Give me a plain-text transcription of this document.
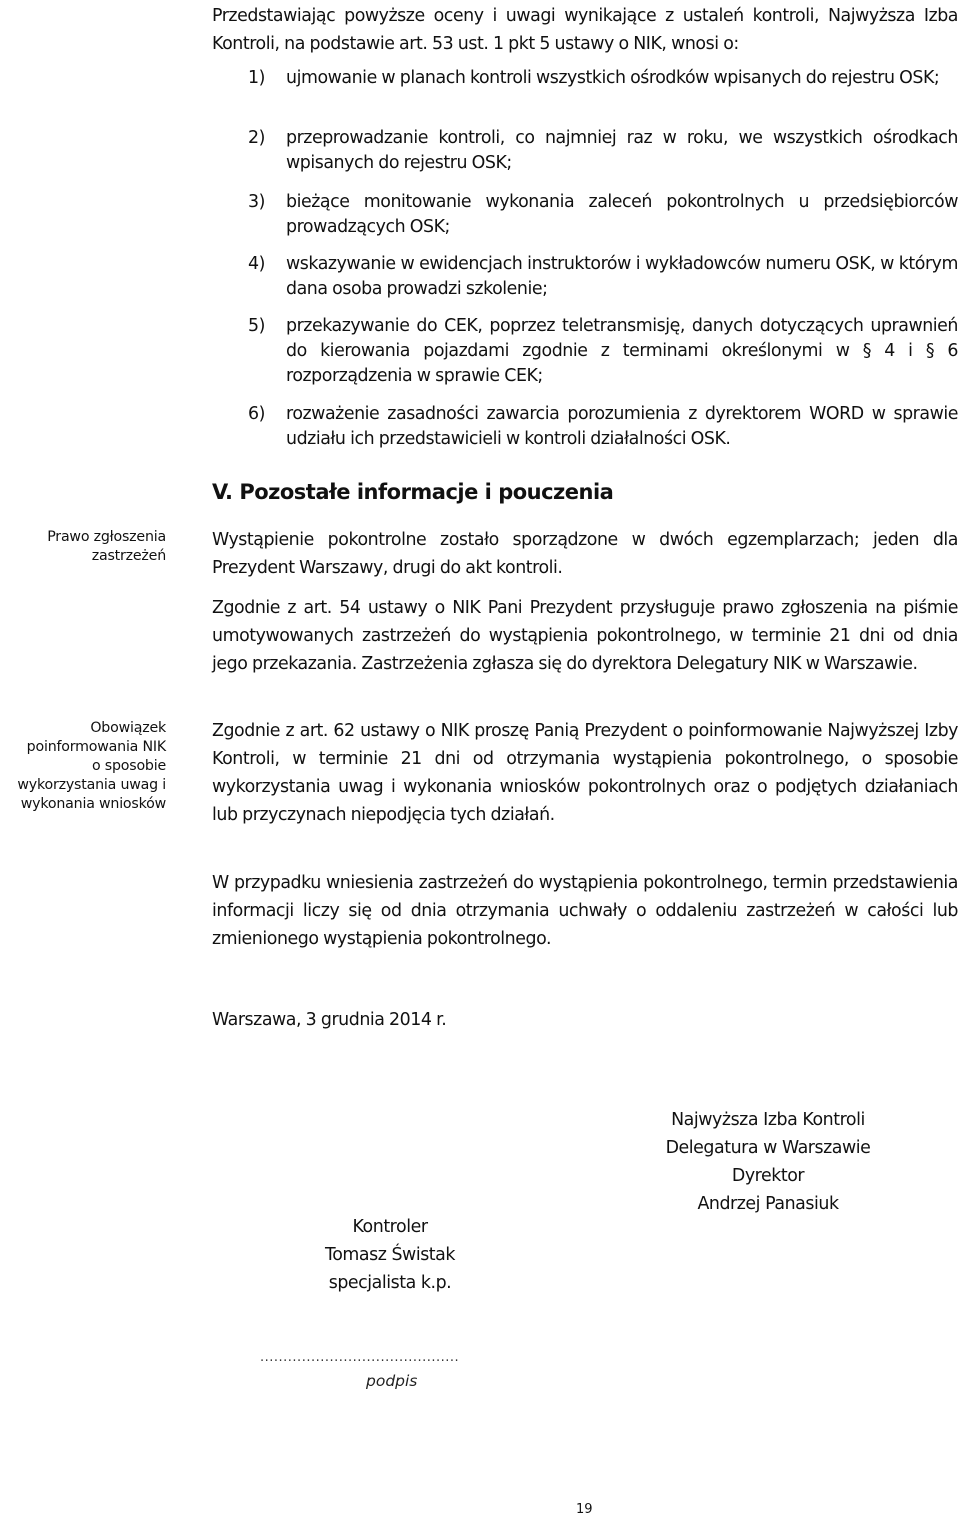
Przedstawiając powyższe oceny i uwagi wynikające z ustaleń kontroli, Najwyższa Izba Kontroli, na podstawie art. 53 ust. 1 pkt 5 ustawy o NIK, wnosi o:

1) ujmowanie w planach kontroli wszystkich ośrodków wpisanych do rejestru OSK;
2) przeprowadzanie kontroli, co najmniej raz w roku, we wszystkich ośrodkach wpisanych do rejestru OSK;
3) bieżące monitowanie wykonania zaleceń pokontrolnych u przedsiębiorców prowadzących OSK;
4) wskazywanie w ewidencjach instruktorów i wykładowców numeru OSK, w którym dana osoba prowadzi szkolenie;
5) przekazywanie do CEK, poprzez teletransmisję, danych dotyczących uprawnień do kierowania pojazdami zgodnie z terminami określonymi w § 4 i § 6 rozporządzenia w sprawie CEK;
6) rozważenie zasadności zawarcia porozumienia z dyrektorem WORD w sprawie udziału ich przedstawicieli w kontroli działalności OSK.
V. Pozostałe informacje i pouczenia
Prawo zgłoszenia zastrzeżeń
Obowiązek poinformowania NIK o sposobie wykorzystania uwag i wykonania wniosków

Wystąpienie pokontrolne zostało sporządzone w dwóch egzemplarzach; jeden dla Prezydent Warszawy, drugi do akt kontroli.

Zgodnie z art. 54 ustawy o NIK Pani Prezydent przysługuje prawo zgłoszenia na piśmie umotywowanych zastrzeżeń do wystąpienia pokontrolnego, w terminie 21 dni od dnia jego przekazania. Zastrzeżenia zgłasza się do dyrektora Delegatury NIK w Warszawie.

Zgodnie z art. 62 ustawy o NIK proszę Panią Prezydent o poinformowanie Najwyższej Izby Kontroli, w terminie 21 dni od otrzymania wystąpienia pokontrolnego, o sposobie wykorzystania uwag i wykonania wniosków pokontrolnych oraz o podjętych działaniach lub przyczynach niepodjęcia tych działań.

W przypadku wniesienia zastrzeżeń do wystąpienia pokontrolnego, termin przedstawienia informacji liczy się od dnia otrzymania uchwały o oddaleniu zastrzeżeń w całości lub zmienionego wystąpienia pokontrolnego.

Warszawa, 3 grudnia 2014 r.
Najwyższa Izba Kontroli
Delegatura w Warszawie
Dyrektor
Andrzej Panasiuk
Kontroler
Tomasz Świstak
specjalista k.p.
...........................................
podpis
19
